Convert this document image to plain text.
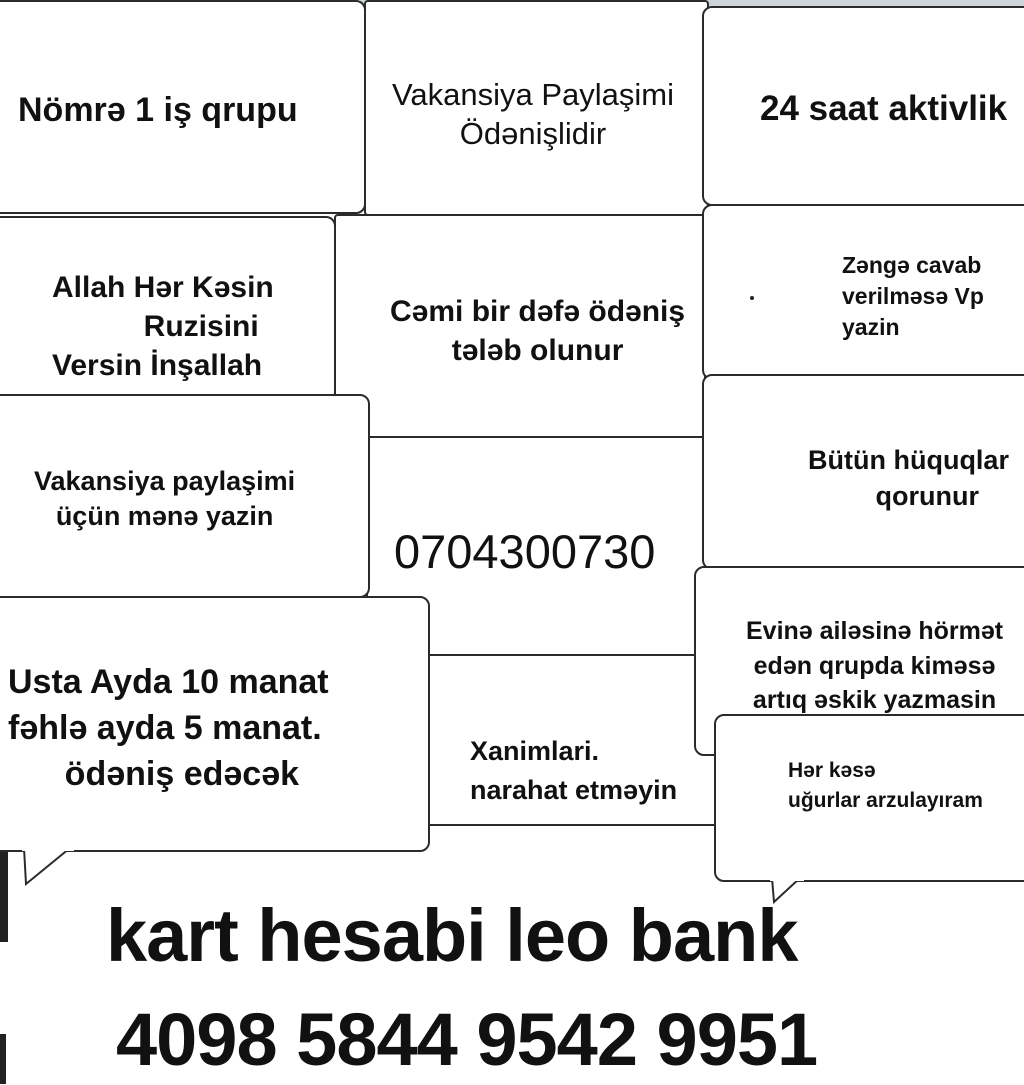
Nömrə 1 iş qrupu	Vakansiya Paylaşimi
Ödənişlidir
24 saat aktivlik
Allah Hər Kəsin
Ruzisini
Versin İnşallah
Cəmi bir dəfə ödəniş
tələb olunur
Zəngə cavab
verilməsə Vp
yazin
Vakansiya paylaşimi
üçün mənə yazin
Bütün hüquqlar
qorunur
0704300730
Evinə ailəsinə hörmət
edən qrupda kiməsə
artıq əskik yazmasin
Usta Ayda 10 manat
fəhlə ayda 5 manat.
ödəniş edəcək
Xanimlari.
narahat etməyin
Hər kəsə
uğurlar arzulayıram
kart hesabi leo bank
4098 5844 9542 9951
